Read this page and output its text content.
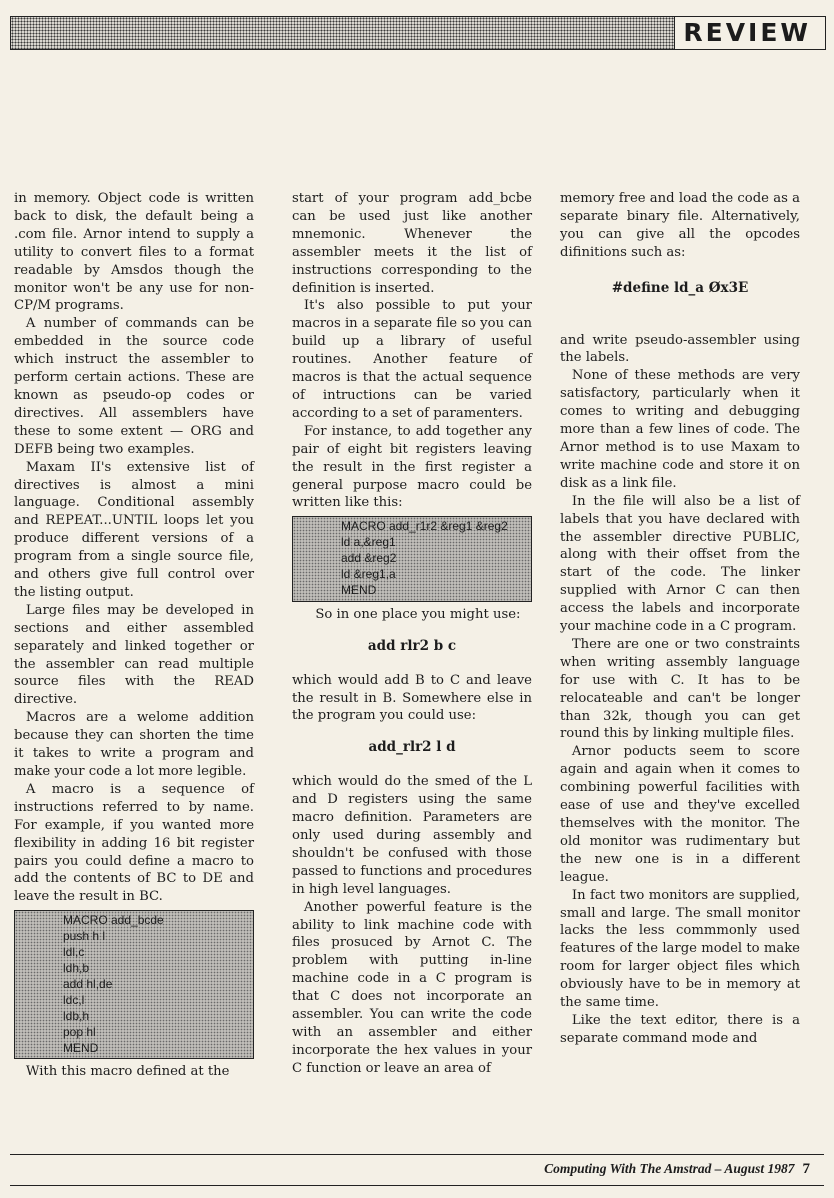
REVIEW

in memory. Object code is written back to disk, the default being a .com file. Arnor intend to supply a utility to convert files to a format readable by Amsdos though the monitor won't be any use for non-CP/M programs.

A number of commands can be embedded in the source code which instruct the assembler to perform certain actions. These are known as pseudo-op codes or directives. All assemblers have these to some extent — ORG and DEFB being two examples.

Maxam II's extensive list of directives is almost a mini language. Conditional assembly and REPEAT...UNTIL loops let you produce different versions of a program from a single source file, and others give full control over the listing output.

Large files may be developed in sections and either assembled separately and linked together or the assembler can read multiple source files with the READ directive.

Macros are a welome addition because they can shorten the time it takes to write a program and make your code a lot more legible.

A macro is a sequence of instructions referred to by name. For example, if you wanted more flexibility in adding 16 bit register pairs you could define a macro to add the contents of BC to DE and leave the result in BC.

MACRO add_bcde
push h l
ldl,c
ldh,b
add hl,de
ldc,l
ldb,h
pop hl
MEND

With this macro defined at the

start of your program add_bcbe can be used just like another mnemonic. Whenever the assembler meets it the list of instructions corresponding to the definition is inserted.

It's also possible to put your macros in a separate file so you can build up a library of useful routines. Another feature of macros is that the actual sequence of intructions can be varied according to a set of paramenters.

For instance, to add together any pair of eight bit registers leaving the result in the first register a general purpose macro could be written like this:

MACRO add_r1r2 &reg1 &reg2
ld a,&reg1
add &reg2
ld &reg1,a
MEND

So in one place you might use:

add rlr2 b c

which would add B to C and leave the result in B. Somewhere else in the program you could use:

add_rlr2 l d

which would do the smed of the L and D registers using the same macro definition. Parameters are only used during assembly and shouldn't be confused with those passed to functions and procedures in high level languages.

Another powerful feature is the ability to link machine code with files prosuced by Arnot C. The problem with putting in-line machine code in a C program is that C does not incorporate an assembler. You can write the code with an assembler and either incorporate the hex values in your C function or leave an area of

memory free and load the code as a separate binary file. Alternatively, you can give all the opcodes difinitions such as:

#define ld_a Øx3E

and write pseudo-assembler using the labels.

None of these methods are very satisfactory, particularly when it comes to writing and debugging more than a few lines of code. The Arnor method is to use Maxam to write machine code and store it on disk as a link file.

In the file will also be a list of labels that you have declared with the assembler directive PUBLIC, along with their offset from the start of the code. The linker supplied with Arnor C can then access the labels and incorporate your machine code in a C program.

There are one or two constraints when writing assembly language for use with C. It has to be relocateable and can't be longer than 32k, though you can get round this by linking multiple files.

Arnor poducts seem to score again and again when it comes to combining powerful facilities with ease of use and they've excelled themselves with the monitor. The old monitor was rudimentary but the new one is in a different league.

In fact two monitors are supplied, small and large. The small monitor lacks the less commmonly used features of the large model to make room for larger object files which obviously have to be in memory at the same time.

Like the text editor, there is a separate command mode and

Computing With The Amstrad – August 1987 7
